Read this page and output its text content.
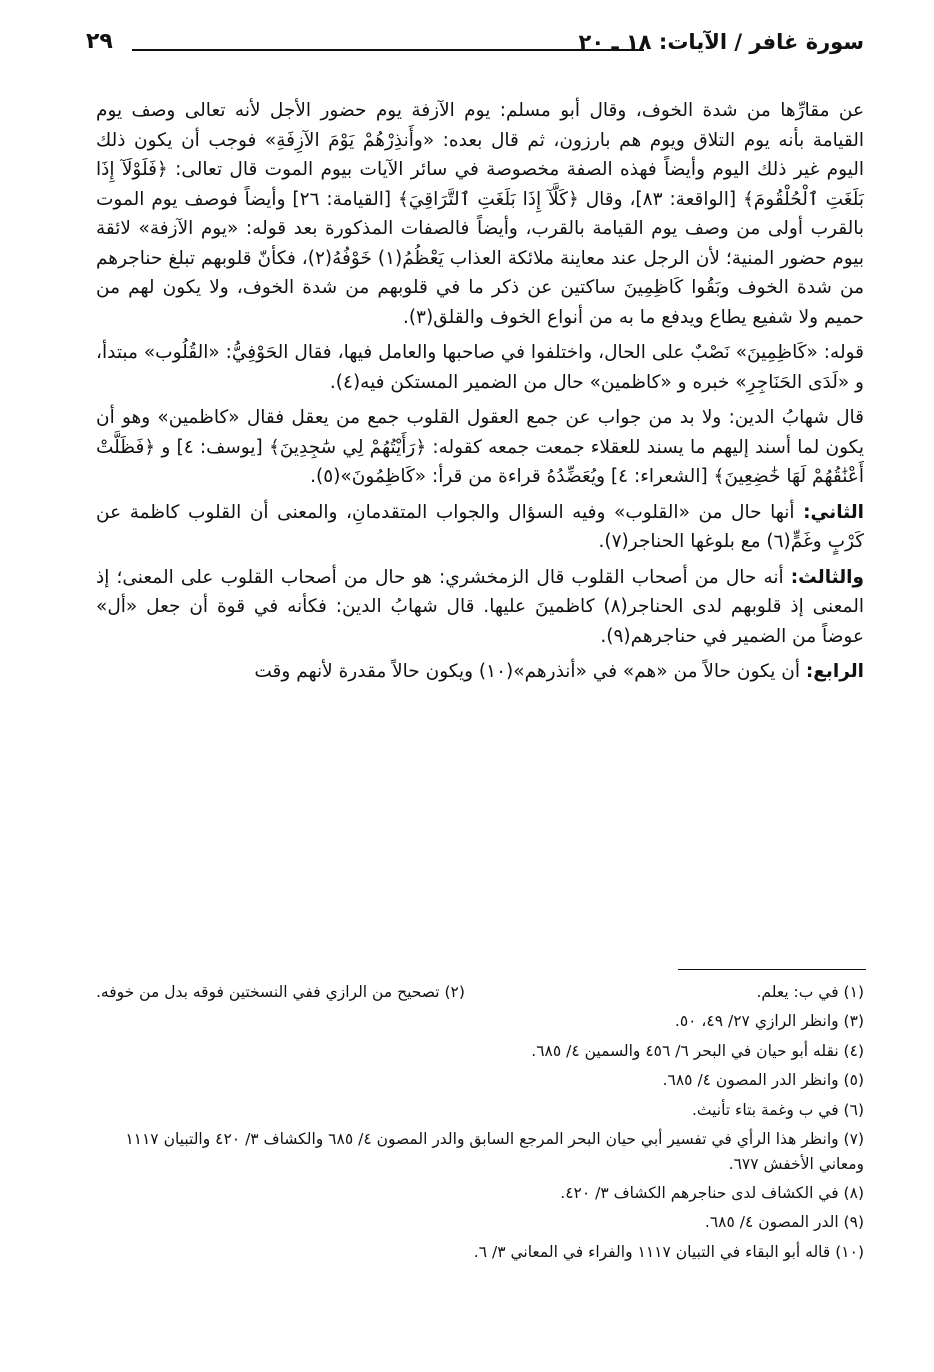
سورة غافر / الآيات: ١٨ ـ ٢٠
٢٩

عن مقارِّها من شدة الخوف، وقال أبو مسلم: يوم الآزفة يوم حضور الأجل لأنه تعالى وصف يوم القيامة بأنه يوم التلاق ويوم هم بارزون، ثم قال بعده: «وأَنذِرْهُمْ يَوْمَ الآزِفَةِ» فوجب أن يكون ذلك اليوم غير ذلك اليوم وأيضاً فهذه الصفة مخصوصة في سائر الآيات بيوم الموت قال تعالى: ﴿فَلَوْلَآ إِذَا بَلَغَتِ ٱلْحُلْقُومَ﴾ [الواقعة: ٨٣]، وقال ﴿كَلَّآ إِذَا بَلَغَتِ ٱلتَّرَاقِيَ﴾ [القيامة: ٢٦] وأيضاً فوصف يوم الموت بالقرب أولى من وصف يوم القيامة بالقرب، وأيضاً فالصفات المذكورة بعد قوله: «يوم الآزفة» لائقة بيوم حضور المنية؛ لأن الرجل عند معاينة ملائكة العذاب يَعْظُمُ(١) خَوْفُهُ(٢)، فكأنّ قلوبهم تبلغ حناجرهم من شدة الخوف وبَقُوا كَاظِمِينَ ساكتين عن ذكر ما في قلوبهم من شدة الخوف، ولا يكون لهم من حميم ولا شفيع يطاع ويدفع ما به من أنواع الخوف والقلق(٣).

قوله: «كَاظِمِينَ» نَصْبٌ على الحال، واختلفوا في صاحبها والعامل فيها، فقال الحَوْفِيُّ: «القُلُوب» مبتدأ، و «لَدَى الحَنَاجِرِ» خبره و «كاظمين» حال من الضمير المستكن فيه(٤).

قال شهابُ الدين: ولا بد من جواب عن جمع العقول القلوب جمع من يعقل فقال «كاظمين» وهو أن يكون لما أسند إليهم ما يسند للعقلاء جمعت جمعه كقوله: ﴿رَأَيْتُهُمْ لِي سَٰجِدِينَ﴾ [يوسف: ٤] و ﴿فَظَلَّتْ أَعْنَٰقُهُمْ لَهَا خَٰضِعِينَ﴾ [الشعراء: ٤] ويُعَضِّدُهُ قراءة من قرأ: «كَاظِمُونَ»(٥).

الثاني: أنها حال من «القلوب» وفيه السؤال والجواب المتقدمانِ، والمعنى أن القلوب كاظمة عن كَرْبٍ وغَمٍّ(٦) مع بلوغها الحناجر(٧).

والثالث: أنه حال من أصحاب القلوب قال الزمخشري: هو حال من أصحاب القلوب على المعنى؛ إذ المعنى إذ قلوبهم لدى الحناجر(٨) كاظمينَ عليها. قال شهابُ الدين: فكأنه في قوة أن جعل «أل» عوضاً من الضمير في حناجرهم(٩).

الرابع: أن يكون حالاً من «هم» في «أنذرهم»(١٠) ويكون حالاً مقدرة لأنهم وقت

(١) في ب: يعلم.
(٢) تصحيح من الرازي ففي النسختين فوقه بدل من خوفه.

(٣) وانظر الرازي ٢٧/ ٤٩، ٥٠.

(٤) نقله أبو حيان في البحر ٦/ ٤٥٦ والسمين ٤/ ٦٨٥.

(٥) وانظر الدر المصون ٤/ ٦٨٥.

(٦) في ب وغمة بتاء تأنيث.

(٧) وانظر هذا الرأي في تفسير أبي حيان البحر المرجع السابق والدر المصون ٤/ ٦٨٥ والكشاف ٣/ ٤٢٠ والتبيان ١١١٧ ومعاني الأخفش ٦٧٧.

(٨) في الكشاف لدى حناجرهم الكشاف ٣/ ٤٢٠.

(٩) الدر المصون ٤/ ٦٨٥.

(١٠) قاله أبو البقاء في التبيان ١١١٧ والفراء في المعاني ٣/ ٦.
